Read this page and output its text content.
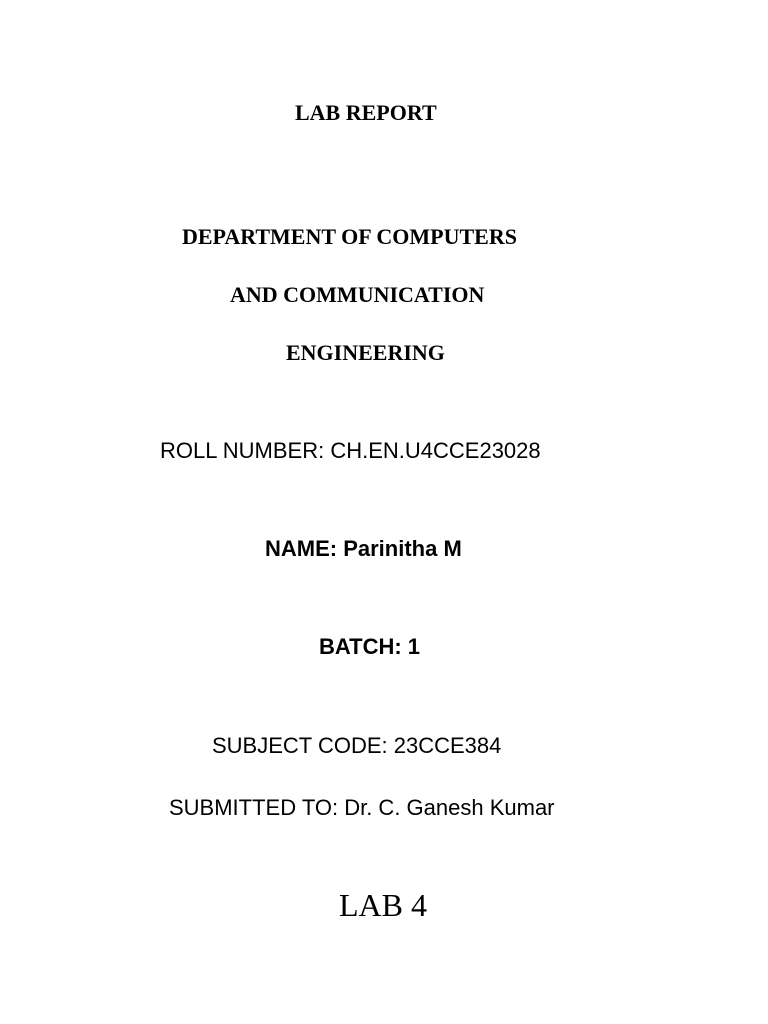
LAB REPORT
DEPARTMENT OF COMPUTERS
AND COMMUNICATION
ENGINEERING
ROLL NUMBER: CH.EN.U4CCE23028
NAME: Parinitha M
BATCH: 1
SUBJECT CODE: 23CCE384
SUBMITTED TO: Dr. C. Ganesh Kumar
LAB 4
